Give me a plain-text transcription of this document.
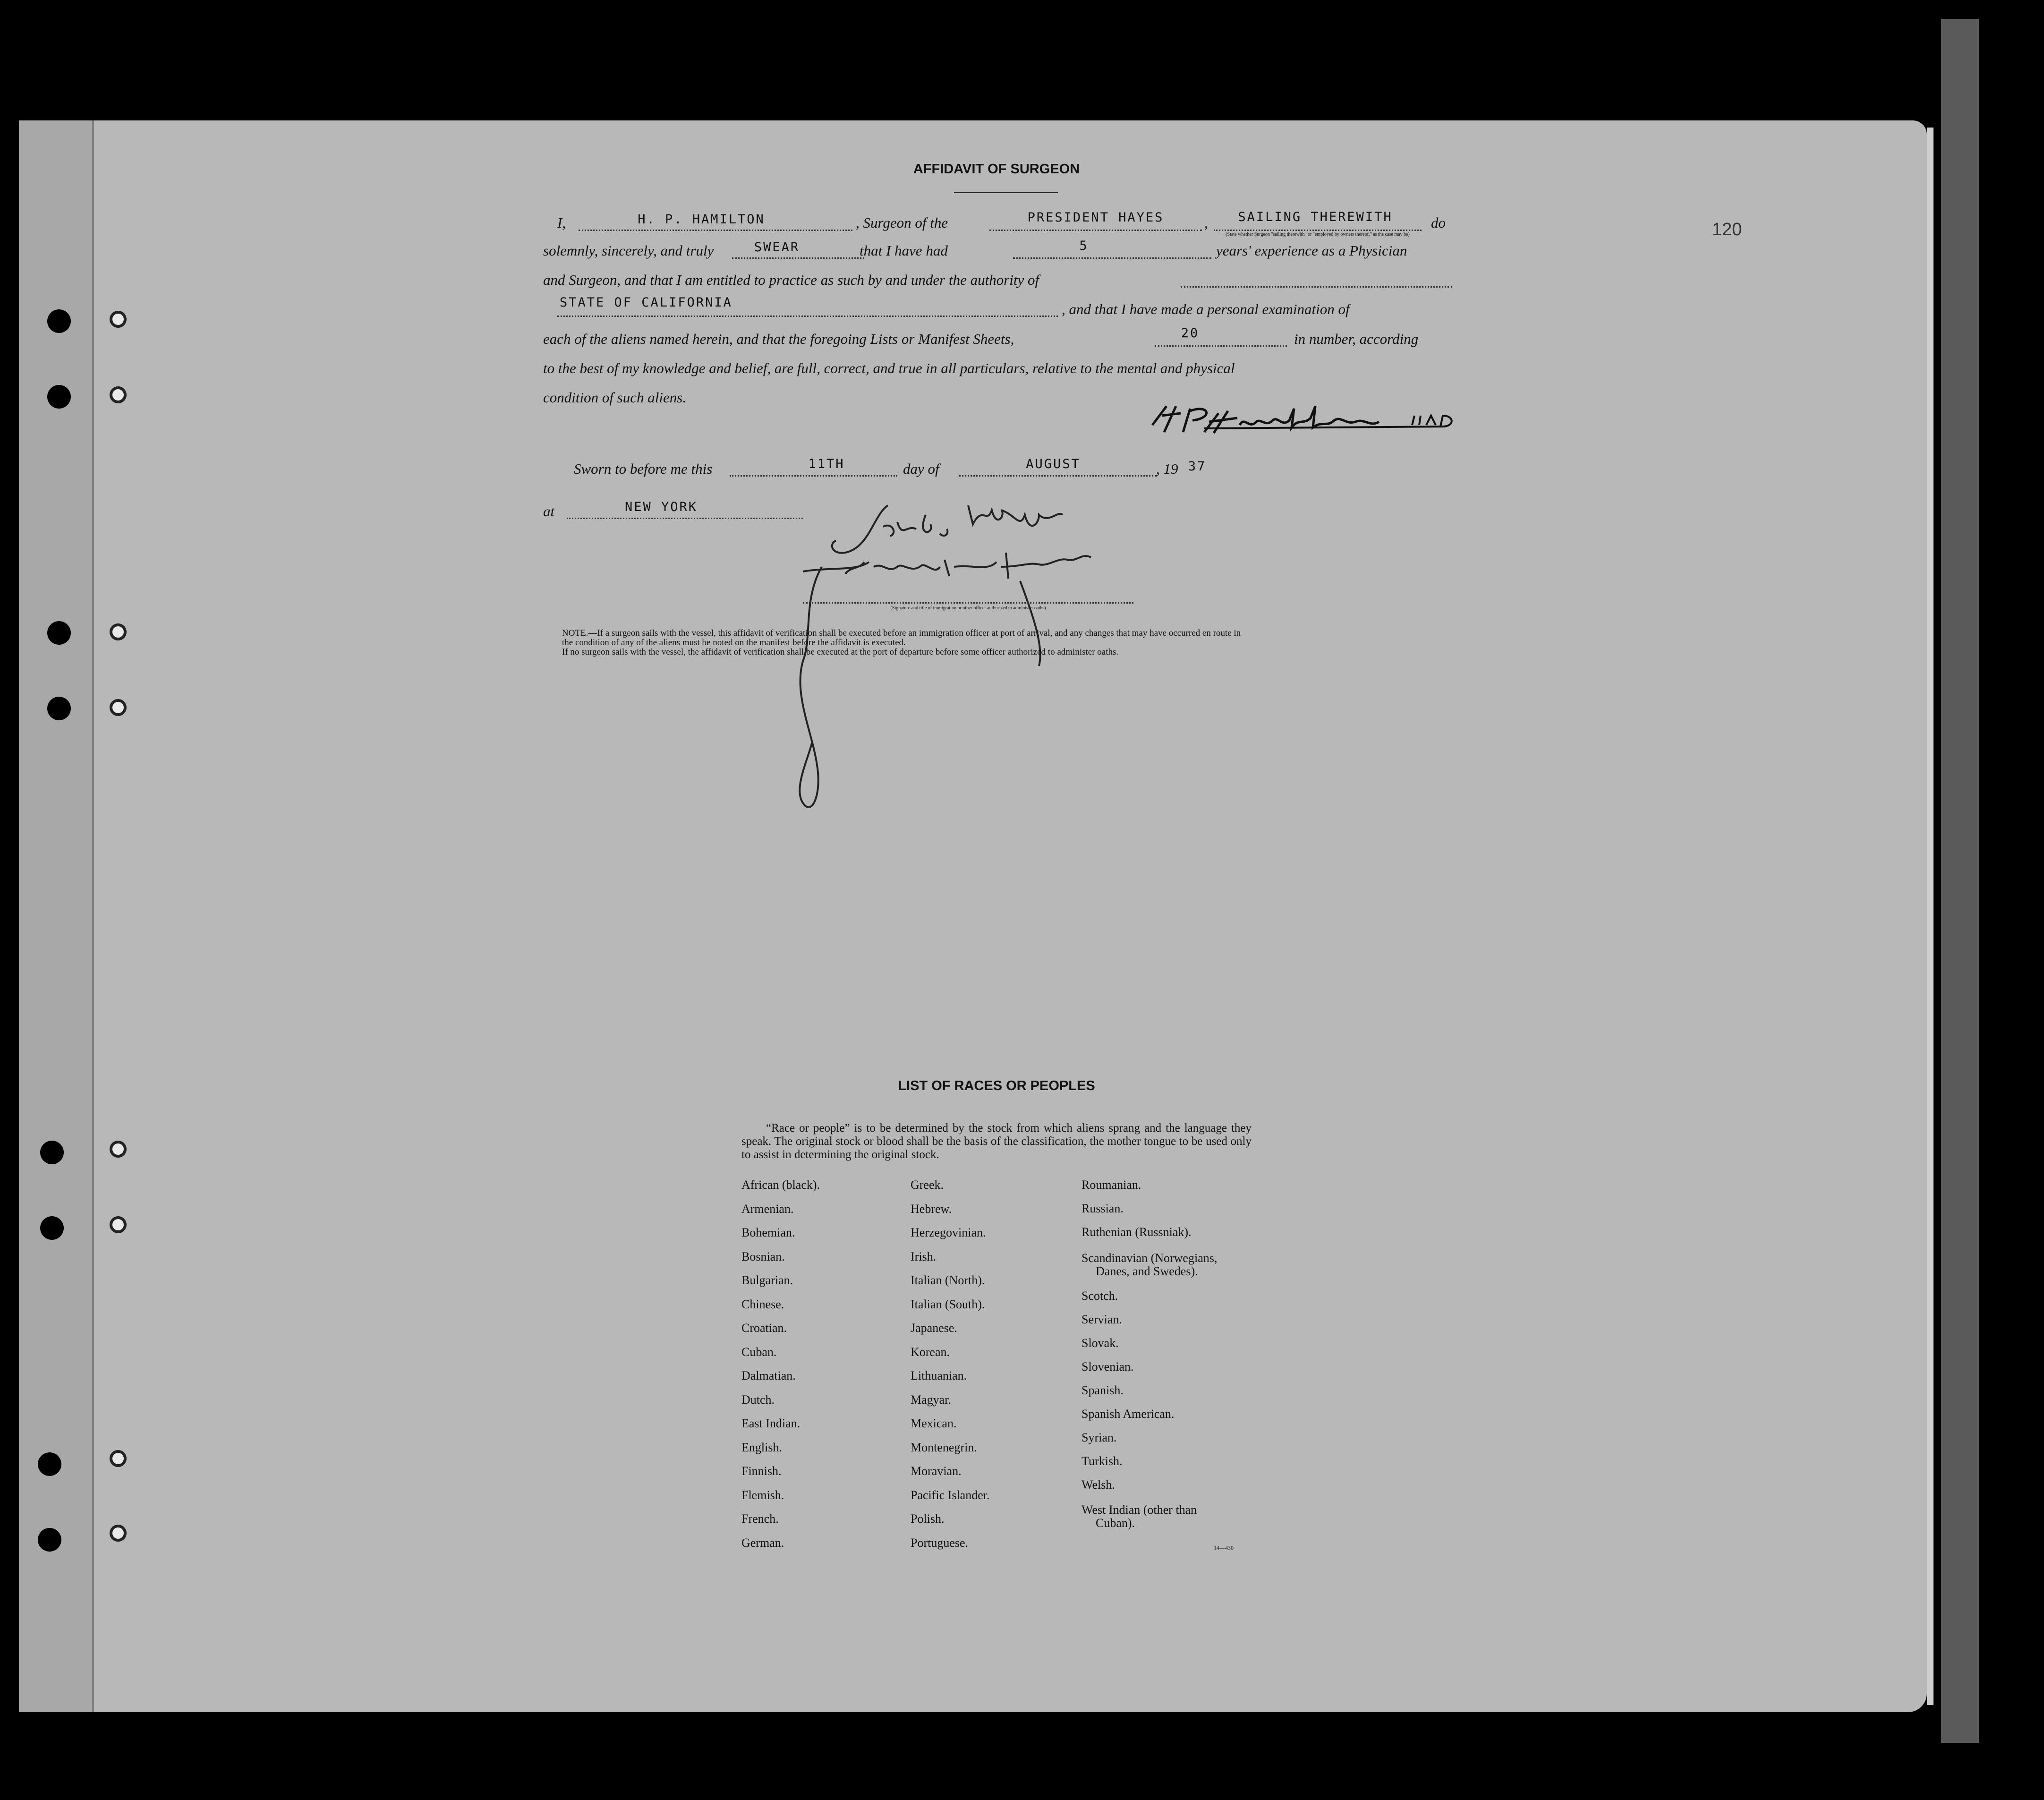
120
AFFIDAVIT OF SURGEON
I,	H. P. HAMILTON	, Surgeon of the	PRESIDENT HAYES	,	SAILING THEREWITH	do
(State whether Surgeon "sailing therewith" or "employed by owners thereof," as the case may be)
solemnly, sincerely, and truly	SWEAR	that I have had	5	years' experience as a Physician
and Surgeon, and that I am entitled to practice as such by and under the authority of
STATE OF CALIFORNIA	, and that I have made a personal examination of
each of the aliens named herein, and that the foregoing Lists or Manifest Sheets,	20	in number, according
to the best of my knowledge and belief, are full, correct, and true in all particulars, relative to the mental and physical
condition of such aliens.
Sworn to before me this	11TH	day of	AUGUST	, 19 37
at	NEW YORK
(Signature and title of immigration or other officer authorized to administer oaths)
NOTE.—If a surgeon sails with the vessel, this affidavit of verification shall be executed before an immigration officer at port of arrival, and any changes that may have occurred en route in
the condition of any of the aliens must be noted on the manifest before the affidavit is executed.
If no surgeon sails with the vessel, the affidavit of verification shall be executed at the port of departure before some officer authorized to administer oaths.
LIST OF RACES OR PEOPLES
“Race or people” is to be determined by the stock from which aliens sprang and the language they speak. The original stock or blood shall be the basis of the classification, the mother tongue to be used only to assist in determining the original stock.
African (black).
Armenian.
Bohemian.
Bosnian.
Bulgarian.
Chinese.
Croatian.
Cuban.
Dalmatian.
Dutch.
East Indian.
English.
Finnish.
Flemish.
French.
German.
Greek.
Hebrew.
Herzegovinian.
Irish.
Italian (North).
Italian (South).
Japanese.
Korean.
Lithuanian.
Magyar.
Mexican.
Montenegrin.
Moravian.
Pacific Islander.
Polish.
Portuguese.
Roumanian.
Russian.
Ruthenian (Russniak).
Scandinavian (Norwegians,
Danes, and Swedes).
Scotch.
Servian.
Slovak.
Slovenian.
Spanish.
Spanish American.
Syrian.
Turkish.
Welsh.
West Indian (other than
Cuban).
14—430
